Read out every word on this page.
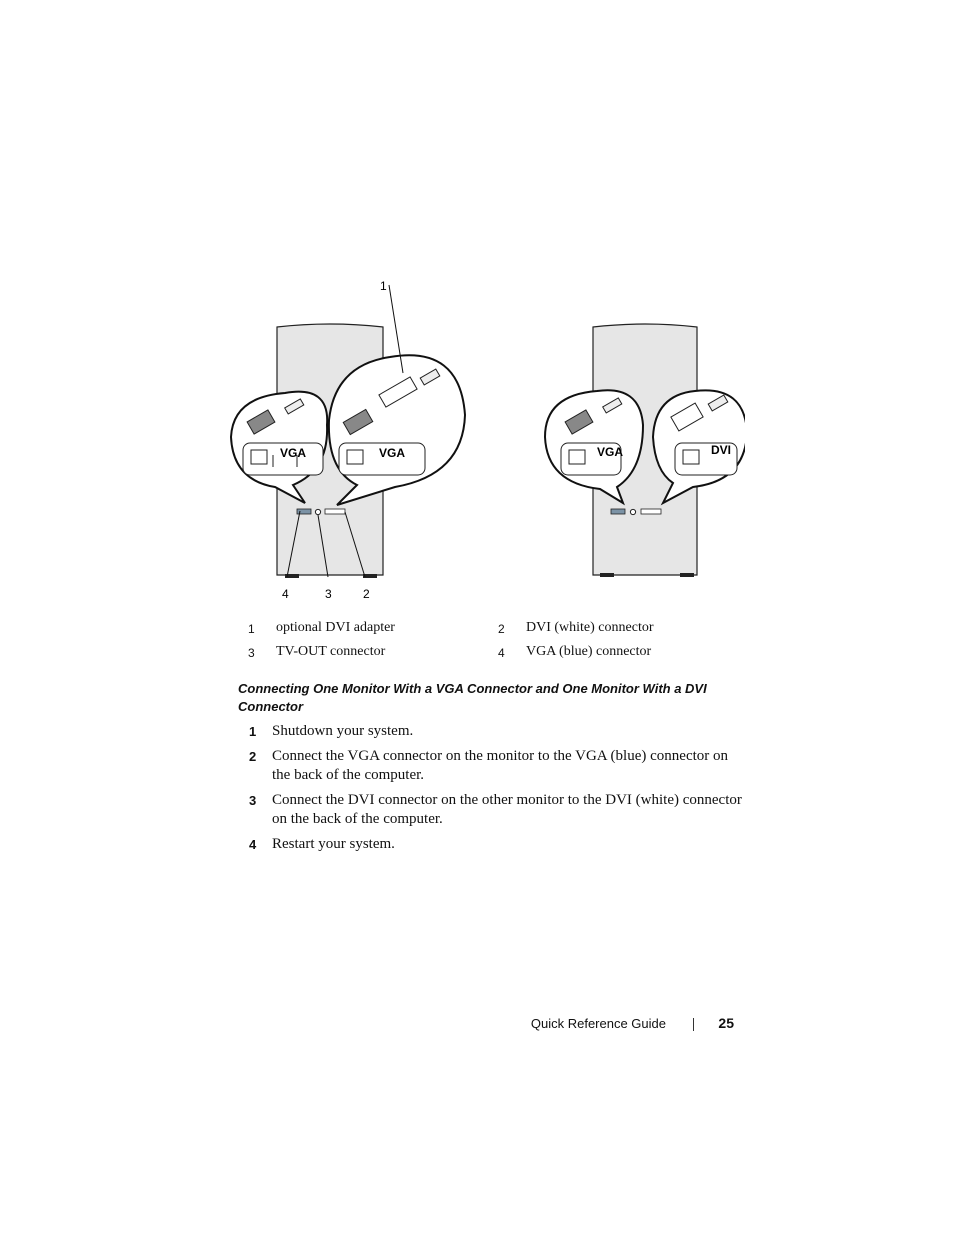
VGA	VGA
1
4	3	2
VGA	DVI
1 optional DVI adapter	2 DVI (white) connector
3 TV-OUT connector	4 VGA (blue) connector
Connecting One Monitor With a VGA Connector and One Monitor With a DVI Connector
1 Shutdown your system.
2 Connect the VGA connector on the monitor to the VGA (blue) connector on the back of the computer.
3 Connect the DVI connector on the other monitor to the DVI (white) connector on the back of the computer.
4 Restart your system.
Quick Reference Guide	25
